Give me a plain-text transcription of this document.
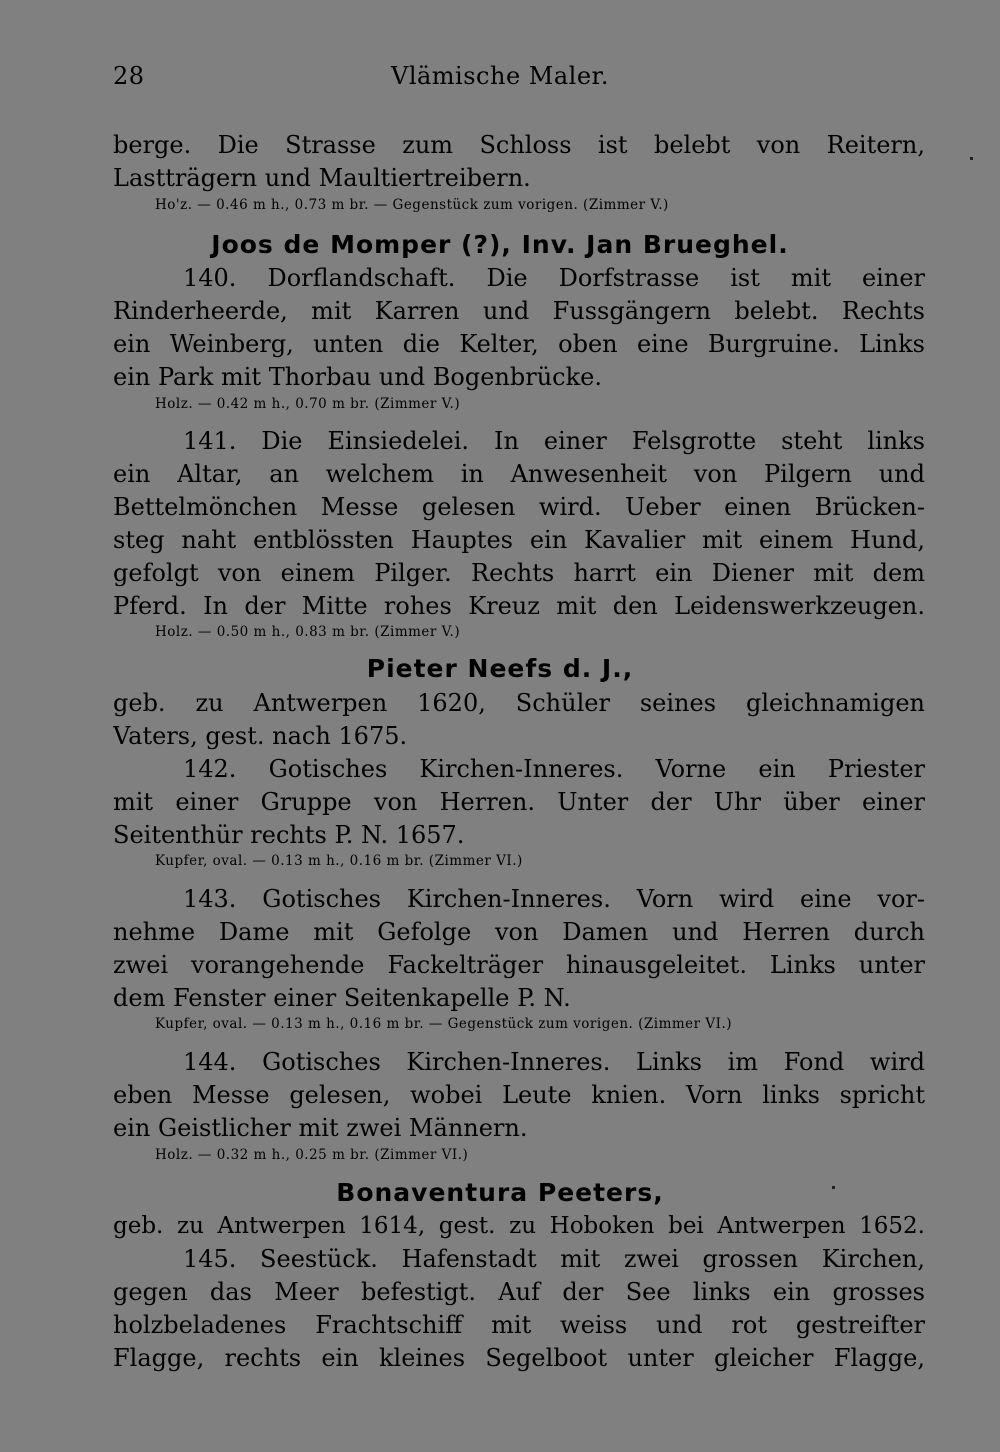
28	Vlämische Maler.
berge. Die Strasse zum Schloss ist belebt von Reitern,
Lastträgern und Maultiertreibern.
Ho'z. — 0.46 m h., 0.73 m br. — Gegenstück zum vorigen. (Zimmer V.)
Joos de Momper (?), Inv. Jan Brueghel.
140. Dorflandschaft. Die Dorfstrasse ist mit einer
Rinderheerde, mit Karren und Fussgängern belebt. Rechts
ein Weinberg, unten die Kelter, oben eine Burgruine. Links
ein Park mit Thorbau und Bogenbrücke.
Holz. — 0.42 m h., 0.70 m br. (Zimmer V.)
141. Die Einsiedelei. In einer Felsgrotte steht links
ein Altar, an welchem in Anwesenheit von Pilgern und
Bettelmönchen Messe gelesen wird. Ueber einen Brücken-
steg naht entblössten Hauptes ein Kavalier mit einem Hund,
gefolgt von einem Pilger. Rechts harrt ein Diener mit dem
Pferd. In der Mitte rohes Kreuz mit den Leidenswerkzeugen.
Holz. — 0.50 m h., 0.83 m br. (Zimmer V.)
Pieter Neefs d. J.,
geb. zu Antwerpen 1620, Schüler seines gleichnamigen
Vaters, gest. nach 1675.
142. Gotisches Kirchen-Inneres. Vorne ein Priester
mit einer Gruppe von Herren. Unter der Uhr über einer
Seitenthür rechts P. N. 1657.
Kupfer, oval. — 0.13 m h., 0.16 m br. (Zimmer VI.)
143. Gotisches Kirchen-Inneres. Vorn wird eine vor-
nehme Dame mit Gefolge von Damen und Herren durch
zwei vorangehende Fackelträger hinausgeleitet. Links unter
dem Fenster einer Seitenkapelle P. N.
Kupfer, oval. — 0.13 m h., 0.16 m br. — Gegenstück zum vorigen. (Zimmer VI.)
144. Gotisches Kirchen-Inneres. Links im Fond wird
eben Messe gelesen, wobei Leute knien. Vorn links spricht
ein Geistlicher mit zwei Männern.
Holz. — 0.32 m h., 0.25 m br. (Zimmer VI.)
Bonaventura Peeters,
geb. zu Antwerpen 1614, gest. zu Hoboken bei Antwerpen 1652.
145. Seestück. Hafenstadt mit zwei grossen Kirchen,
gegen das Meer befestigt. Auf der See links ein grosses
holzbeladenes Frachtschiff mit weiss und rot gestreifter
Flagge, rechts ein kleines Segelboot unter gleicher Flagge,
